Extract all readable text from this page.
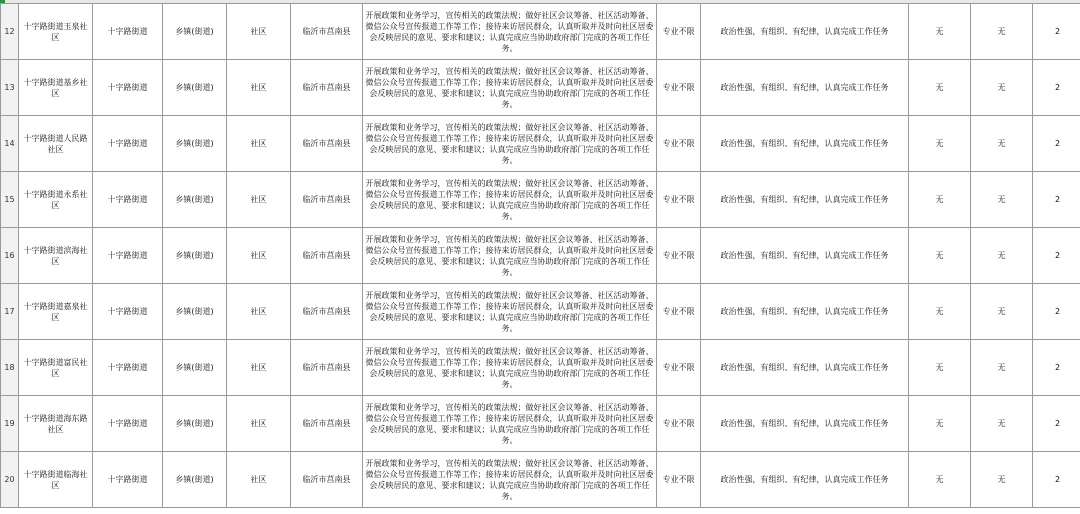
12	十字路街道玉泉社区	十字路街道	乡镇(街道)	社区	临沂市莒南县	开展政策和业务学习，宣传相关的政策法规；做好社区会议筹备、社区活动筹备、微信公众号宣传报道工作等工作；接待来访居民群众，认真听取并及时向社区居委会反映居民的意见、要求和建议；认真完成应当协助政府部门完成的各项工作任务。	专业不限	政治性强，有组织、有纪律，认真完成工作任务	无	无	2	
13	十字路街道基乡社区	十字路街道	乡镇(街道)	社区	临沂市莒南县	开展政策和业务学习，宣传相关的政策法规；做好社区会议筹备、社区活动筹备、微信公众号宣传报道工作等工作；接待来访居民群众，认真听取并及时向社区居委会反映居民的意见、要求和建议；认真完成应当协助政府部门完成的各项工作任务。	专业不限	政治性强，有组织、有纪律，认真完成工作任务	无	无	2	
14	十字路街道人民路社区	十字路街道	乡镇(街道)	社区	临沂市莒南县	开展政策和业务学习，宣传相关的政策法规；做好社区会议筹备、社区活动筹备、微信公众号宣传报道工作等工作；接待来访居民群众，认真听取并及时向社区居委会反映居民的意见、要求和建议；认真完成应当协助政府部门完成的各项工作任务。	专业不限	政治性强，有组织、有纪律，认真完成工作任务	无	无	2	
15	十字路街道永系社区	十字路街道	乡镇(街道)	社区	临沂市莒南县	开展政策和业务学习，宣传相关的政策法规；做好社区会议筹备、社区活动筹备、微信公众号宣传报道工作等工作；接待来访居民群众，认真听取并及时向社区居委会反映居民的意见、要求和建议；认真完成应当协助政府部门完成的各项工作任务。	专业不限	政治性强，有组织、有纪律，认真完成工作任务	无	无	2	
16	十字路街道滨海社区	十字路街道	乡镇(街道)	社区	临沂市莒南县	开展政策和业务学习，宣传相关的政策法规；做好社区会议筹备、社区活动筹备、微信公众号宣传报道工作等工作；接待来访居民群众，认真听取并及时向社区居委会反映居民的意见、要求和建议；认真完成应当协助政府部门完成的各项工作任务。	专业不限	政治性强，有组织、有纪律，认真完成工作任务	无	无	2	
17	十字路街道嘉泉社区	十字路街道	乡镇(街道)	社区	临沂市莒南县	开展政策和业务学习，宣传相关的政策法规；做好社区会议筹备、社区活动筹备、微信公众号宣传报道工作等工作；接待来访居民群众，认真听取并及时向社区居委会反映居民的意见、要求和建议；认真完成应当协助政府部门完成的各项工作任务。	专业不限	政治性强，有组织、有纪律，认真完成工作任务	无	无	2	
18	十字路街道富民社区	十字路街道	乡镇(街道)	社区	临沂市莒南县	开展政策和业务学习，宣传相关的政策法规；做好社区会议筹备、社区活动筹备、微信公众号宣传报道工作等工作；接待来访居民群众，认真听取并及时向社区居委会反映居民的意见、要求和建议；认真完成应当协助政府部门完成的各项工作任务。	专业不限	政治性强，有组织、有纪律，认真完成工作任务	无	无	2	
19	十字路街道海东路社区	十字路街道	乡镇(街道)	社区	临沂市莒南县	开展政策和业务学习，宣传相关的政策法规；做好社区会议筹备、社区活动筹备、微信公众号宣传报道工作等工作；接待来访居民群众，认真听取并及时向社区居委会反映居民的意见、要求和建议；认真完成应当协助政府部门完成的各项工作任务。	专业不限	政治性强，有组织、有纪律，认真完成工作任务	无	无	2	
20	十字路街道临海社区	十字路街道	乡镇(街道)	社区	临沂市莒南县	开展政策和业务学习，宣传相关的政策法规；做好社区会议筹备、社区活动筹备、微信公众号宣传报道工作等工作；接待来访居民群众，认真听取并及时向社区居委会反映居民的意见、要求和建议；认真完成应当协助政府部门完成的各项工作任务。	专业不限	政治性强，有组织、有纪律，认真完成工作任务	无	无	2	
